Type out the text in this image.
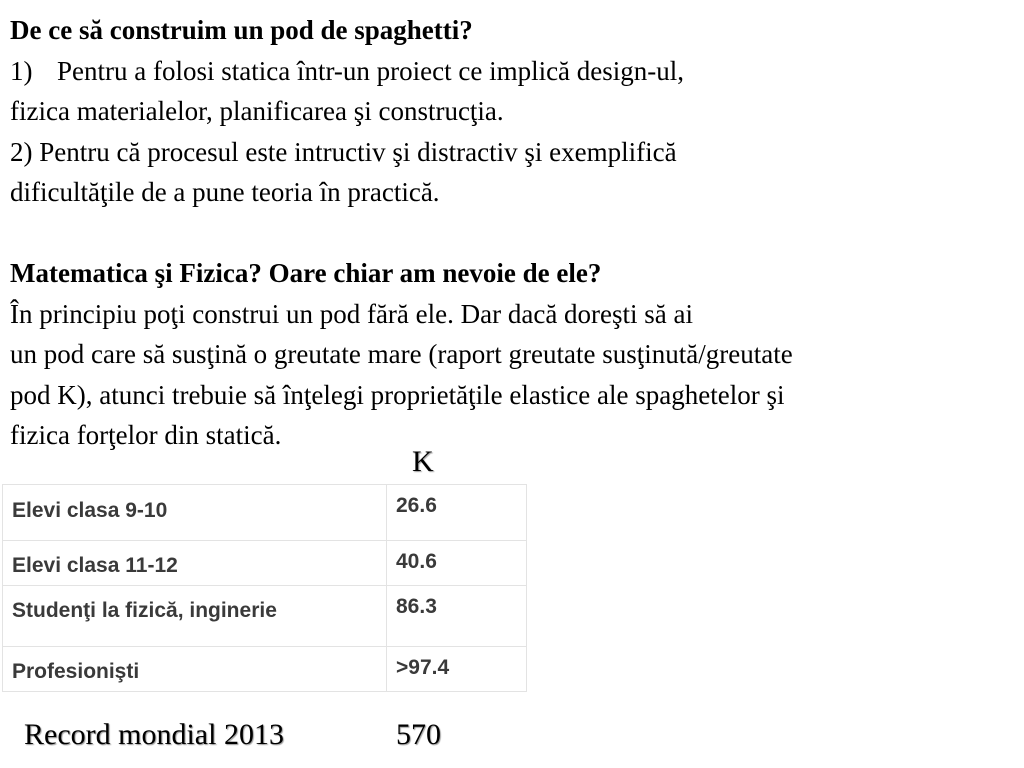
De ce să construim un pod de spaghetti?
1) Pentru a folosi statica într-un proiect ce implică design-ul,
fizica materialelor, planificarea şi construcţia.
2) Pentru că procesul este intructiv şi distractiv şi exemplifică
dificultăţile de a pune teoria în practică.
Matematica şi Fizica? Oare chiar am nevoie de ele?
În principiu poţi construi un pod fără ele. Dar dacă doreşti să ai
un pod care să susţină o greutate mare (raport greutate susţinută/greutate
pod K), atunci trebuie să înţelegi proprietăţile elastice ale spaghetelor şi
fizica forţelor din statică.
K
Elevi clasa 9-10	26.6

Elevi clasa 11-12	40.6

Studenţi la fizică, inginerie	86.3

Profesionişti	>97.4
Record mondial 2013	570
